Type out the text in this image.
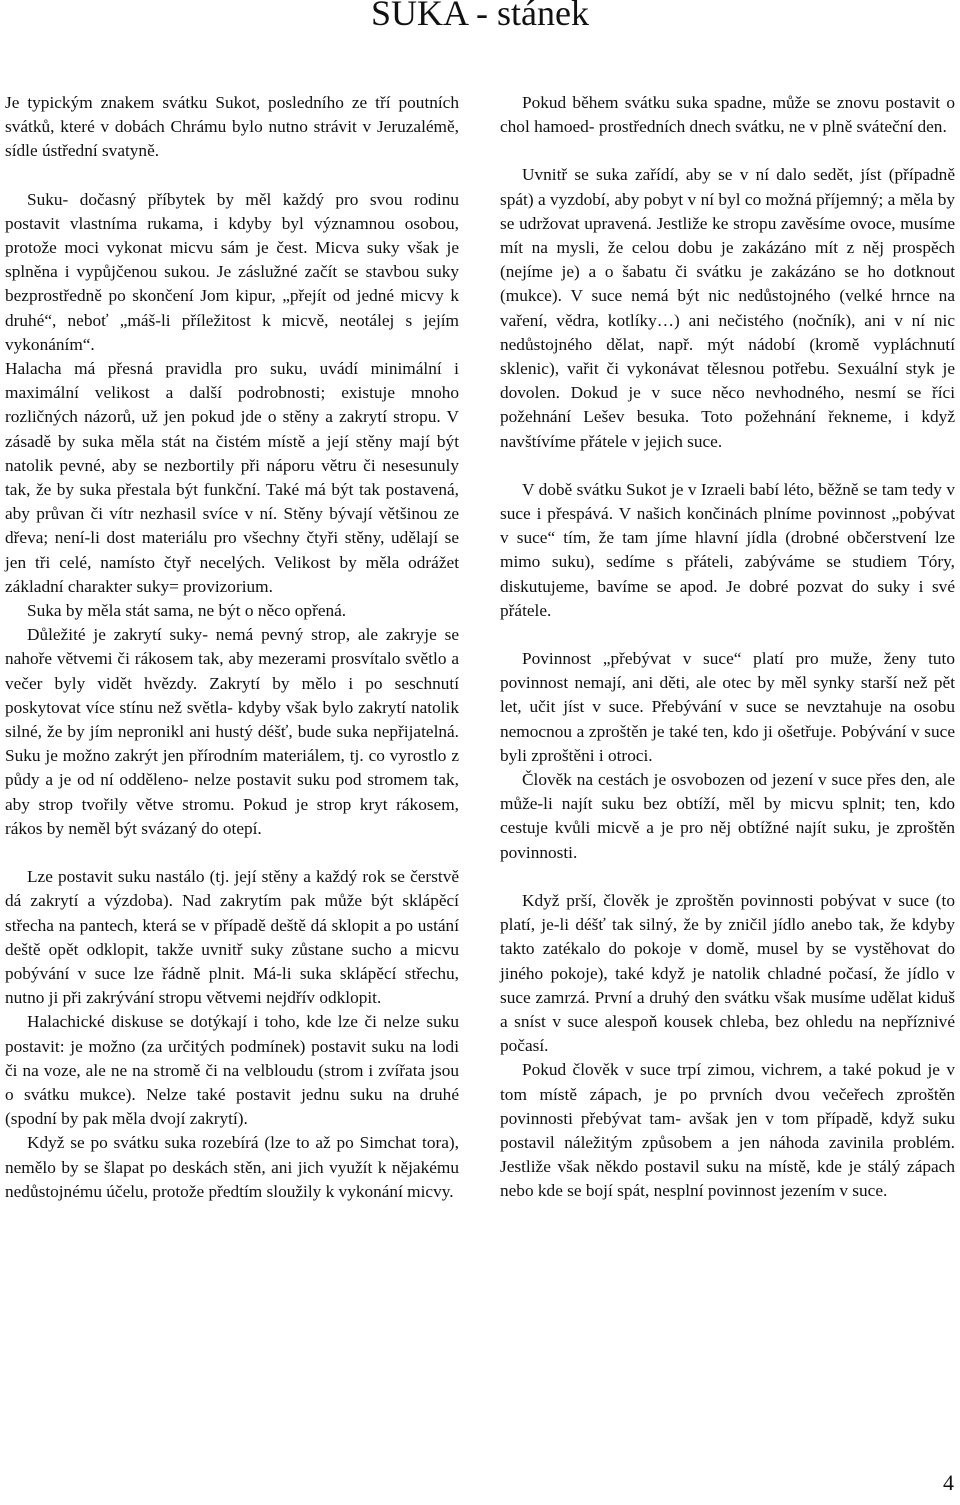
SUKA - stánek

Je typickým znakem svátku Sukot, posledního ze tří poutních svátků, které v dobách Chrámu bylo nutno strávit v Jeruzalémě, sídle ústřední svatyně.

Suku- dočasný příbytek by měl každý pro svou rodinu postavit vlastníma rukama, i kdyby byl významnou osobou, protože moci vykonat micvu sám je čest. Micva suky však je splněna i vypůjčenou sukou. Je záslužné začít se stavbou suky bezprostředně po skončení Jom kipur, „přejít od jedné micvy k druhé“, neboť „máš-li příležitost k micvě, neotálej s jejím vykonáním“.

Halacha má přesná pravidla pro suku, uvádí minimální i maximální velikost a další podrobnosti; existuje mnoho rozličných názorů, už jen pokud jde o stěny a zakrytí stropu. V zásadě by suka měla stát na čistém místě a její stěny mají být natolik pevné, aby se nezbortily při náporu větru či nesesunuly tak, že by suka přestala být funkční. Také má být tak postavená, aby průvan či vítr nezhasil svíce v ní. Stěny bývají většinou ze dřeva; není-li dost materiálu pro všechny čtyři stěny, udělají se jen tři celé, namísto čtyř necelých. Velikost by měla odrážet základní charakter suky= provizorium.

Suka by měla stát sama, ne být o něco opřená.

Důležité je zakrytí suky- nemá pevný strop, ale zakryje se nahoře větvemi či rákosem tak, aby mezerami prosvítalo světlo a večer byly vidět hvězdy. Zakrytí by mělo i po seschnutí poskytovat více stínu než světla- kdyby však bylo zakrytí natolik silné, že by jím nepronikl ani hustý déšť, bude suka nepřijatelná. Suku je možno zakrýt jen přírodním materiálem, tj. co vyrostlo z půdy a je od ní odděleno- nelze postavit suku pod stromem tak, aby strop tvořily větve stromu. Pokud je strop kryt rákosem, rákos by neměl být svázaný do otepí.

Lze postavit suku nastálo (tj. její stěny a každý rok se čerstvě dá zakrytí a výzdoba). Nad zakrytím pak může být sklápěcí střecha na pantech, která se v případě deště dá sklopit a po ustání deště opět odklopit, takže uvnitř suky zůstane sucho a micvu pobývání v suce lze řádně plnit. Má-li suka sklápěcí střechu, nutno ji při zakrývání stropu větvemi nejdřív odklopit.

Halachické diskuse se dotýkají i toho, kde lze či nelze suku postavit: je možno (za určitých podmínek) postavit suku na lodi či na voze, ale ne na stromě či na velbloudu (strom i zvířata jsou o svátku mukce). Nelze také postavit jednu suku na druhé (spodní by pak měla dvojí zakrytí).

Když se po svátku suka rozebírá (lze to až po Simchat tora), nemělo by se šlapat po deskách stěn, ani jich využít k nějakému nedůstojnému účelu, protože předtím sloužily k vykonání micvy.

Pokud během svátku suka spadne, může se znovu postavit o chol hamoed- prostředních dnech svátku, ne v plně sváteční den.

Uvnitř se suka zařídí, aby se v ní dalo sedět, jíst (případně spát) a vyzdobí, aby pobyt v ní byl co možná příjemný; a měla by se udržovat upravená. Jestliže ke stropu zavěsíme ovoce, musíme mít na mysli, že celou dobu je zakázáno mít z něj prospěch (nejíme je) a o šabatu či svátku je zakázáno se ho dotknout (mukce). V suce nemá být nic nedůstojného (velké hrnce na vaření, vědra, kotlíky…) ani nečistého (nočník), ani v ní nic nedůstojného dělat, např. mýt nádobí (kromě vypláchnutí sklenic), vařit či vykonávat tělesnou potřebu. Sexuální styk je dovolen. Dokud je v suce něco nevhodného, nesmí se říci požehnání Lešev besuka. Toto požehnání řekneme, i když navštívíme přátele v jejich suce.

V době svátku Sukot je v Izraeli babí léto, běžně se tam tedy v suce i přespává. V našich končinách plníme povinnost „pobývat v suce“ tím, že tam jíme hlavní jídla (drobné občerstvení lze mimo suku), sedíme s přáteli, zabýváme se studiem Tóry, diskutujeme, bavíme se apod. Je dobré pozvat do suky i své přátele.

Povinnost „přebývat v suce“ platí pro muže, ženy tuto povinnost nemají, ani děti, ale otec by měl synky starší než pět let, učit jíst v suce. Přebývání v suce se nevztahuje na osobu nemocnou a zproštěn je také ten, kdo ji ošetřuje. Pobývání v suce byli zproštěni i otroci.

Člověk na cestách je osvobozen od jezení v suce přes den, ale může-li najít suku bez obtíží, měl by micvu splnit; ten, kdo cestuje kvůli micvě a je pro něj obtížné najít suku, je zproštěn povinnosti.

Když prší, člověk je zproštěn povinnosti pobývat v suce (to platí, je-li déšť tak silný, že by zničil jídlo anebo tak, že kdyby takto zatékalo do pokoje v domě, musel by se vystěhovat do jiného pokoje), také když je natolik chladné počasí, že jídlo v suce zamrzá. První a druhý den svátku však musíme udělat kiduš a sníst v suce alespoň kousek chleba, bez ohledu na nepříznivé počasí.

Pokud člověk v suce trpí zimou, vichrem, a také pokud je v tom místě zápach, je po prvních dvou večeřech zproštěn povinnosti přebývat tam- avšak jen v tom případě, když suku postavil náležitým způsobem a jen náhoda zavinila problém. Jestliže však někdo postavil suku na místě, kde je stálý zápach nebo kde se bojí spát, nesplní povinnost jezením v suce.

4
